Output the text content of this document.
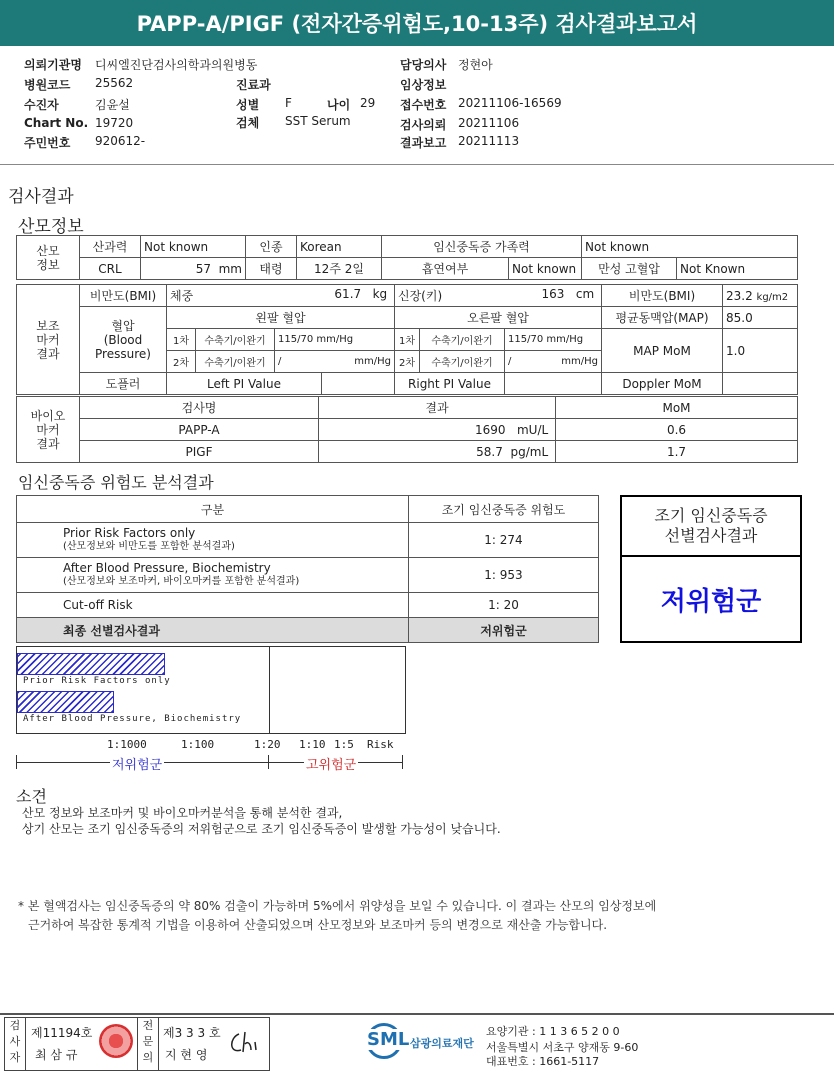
PAPP-A/PIGF (전자간증위험도,10-13주) 검사결과보고서
의뢰기관명 디씨엘진단검사의학과의원병동
병원코드 25562
수진자	김윤설
Chart No. 19720
주민번호 920612-
진료과
성별 F	나이 29
검체 SST Serum
담당의사 정현아
임상정보
접수번호 20211106-16569
검사의뢰 20211106
결과보고 20211113
검사결과
산모정보
산모
정보	산과력	Not known	인종	Korean	임신중독증 가족력		Not known	
	CRL	57 mm	태령	12주 2일	흡연여부	Not known	만성 고혈압	Not Known
보조
마커
결과	비만도(BMI)	체중 61.7 kg				신장(키) 163 cm			비만도(BMI)	23.2 kg/m2
	혈압
(Blood
Pressure)	왼팔 혈압				오른팔 혈압			평균동맥압(MAP)	85.0
		1차	수축기/이완기	115/70 mm/Hg		1차	수축기/이완기	115/70 mm/Hg	MAP MoM	1.0
		2차	수축기/이완기	/ mm/Hg		2차	수축기/이완기	/ mm/Hg		

	도플러	Left PI Value				Right PI Value			Doppler MoM	
바이오
마커
결과	검사명	결과	MoM
	PAPP-A	1690 mU/L	0.6
	PIGF	58.7 pg/mL	1.7
임신중독증 위험도 분석결과
구분	조기 임신중독증 위험도

Prior Risk Factors only
(산모정보와 비만도를 포함한 분석결과)	1: 274

After Blood Pressure, Biochemistry
(산모정보와 보조마커, 바이오마커를 포함한 분석결과)	1: 953
Cut-off Risk	1: 20
최종 선별검사결과	저위험군
조기 임신중독증
선별검사결과
저위험군
Prior Risk Factors only
After Blood Pressure, Biochemistry
1:1000	1:100	1:20 1:10 1:5 Risk
저위험군	고위험군
소견
산모 정보와 보조마커 및 바이오마커분석을 통해 분석한 결과,
상기 산모는 조기 임신중독증의 저위험군으로 조기 임신중독증이 발생할 가능성이 낮습니다.
* 본 혈액검사는 임신중독증의 약 80% 검출이 가능하며 5%에서 위양성을 보일 수 있습니다. 이 결과는 산모의 임상정보에
근거하여 복잡한 통계적 기법을 이용하여 산출되었으며 산모정보와 보조마커 등의 변경으로 재산출 가능합니다.
검
사
자
제11194호
최 삼 규
전
문
의
제3 3 3 호
지 현 영
SML 삼광의료재단
요양기관 : 1 1 3 6 5 2 0 0
서울특별시 서초구 양재동 9-60
대표번호 : 1661-5117
